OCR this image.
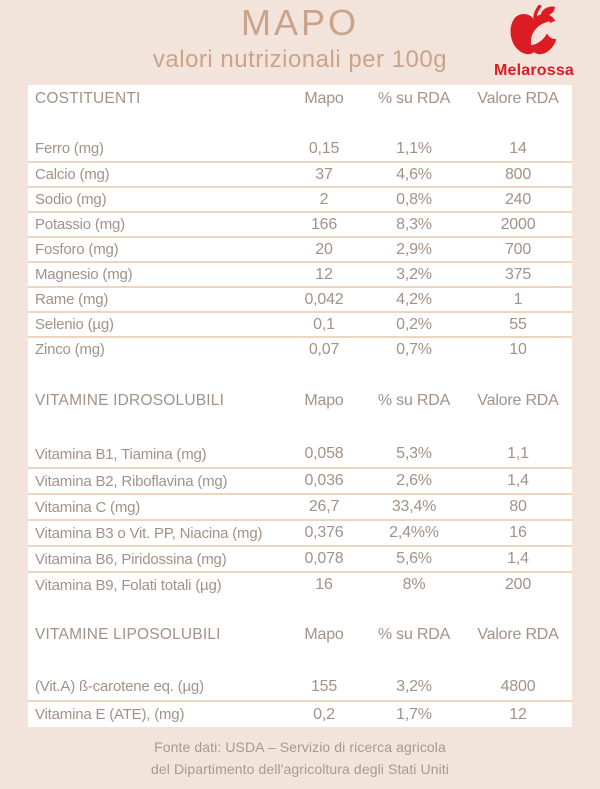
MAPO
valori nutrizionali per 100g	Melarossa
COSTITUENTI	Mapo	% su RDA	Valore RDA
Ferro (mg)	0,15	1,1%	14
Calcio (mg)	37	4,6%	800
Sodio (mg)	2	0,8%	240
Potassio (mg)	166	8,3%	2000
Fosforo (mg)	20	2,9%	700
Magnesio (mg)	12	3,2%	375
Rame (mg)	0,042	4,2%	1
Selenio (µg)	0,1	0,2%	55
Zinco (mg)	0,07	0,7%	10
VITAMINE IDROSOLUBILI	Mapo	% su RDA	Valore RDA
Vitamina B1, Tiamina (mg)	0,058	5,3%	1,1
Vitamina B2, Riboflavina (mg)	0,036	2,6%	1,4
Vitamina C (mg)	26,7	33,4%	80
Vitamina B3 o Vit. PP, Niacina (mg)	0,376	2,4%%	16
Vitamina B6, Piridossina (mg)	0,078	5,6%	1,4
Vitamina B9, Folati totali (µg)	16	8%	200
VITAMINE LIPOSOLUBILI	Mapo	% su RDA	Valore RDA
(Vit.A) ß-carotene eq. (µg)	155	3,2%	4800
Vitamina E (ATE), (mg)	0,2	1,7%	12
Fonte dati: USDA – Servizio di ricerca agricola
del Dipartimento dell'agricoltura degli Stati Uniti
